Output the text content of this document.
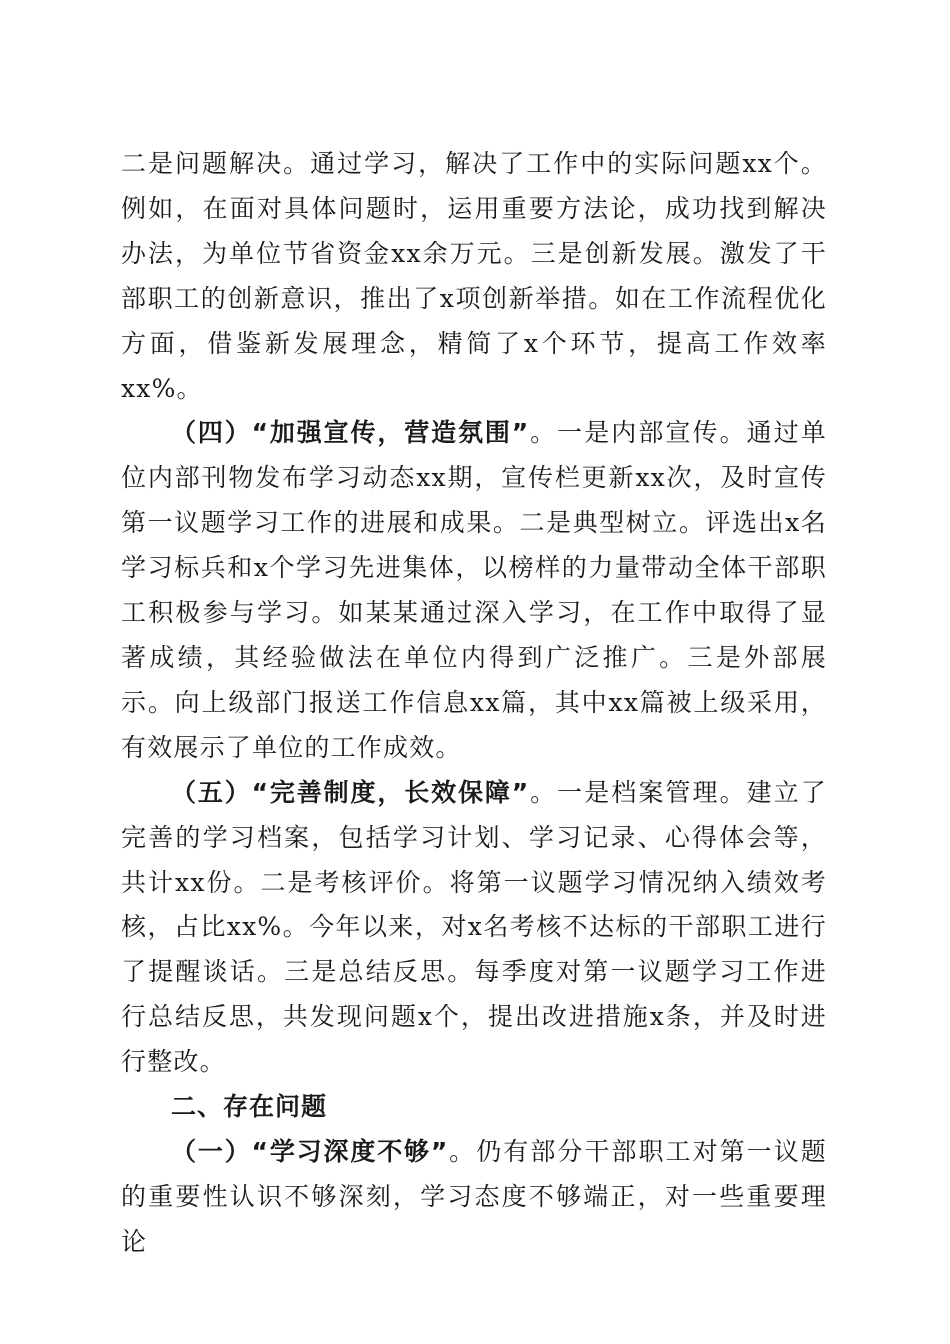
二是问题解决。通过学习，解决了工作中的实际问题xx个。例如，在面对具体问题时，运用重要方法论，成功找到解决办法，为单位节省资金xx余万元。三是创新发展。激发了干部职工的创新意识，推出了x项创新举措。如在工作流程优化方面，借鉴新发展理念，精简了x个环节，提高工作效率xx%。

（四）“加强宣传，营造氛围”。一是内部宣传。通过单位内部刊物发布学习动态xx期，宣传栏更新xx次，及时宣传第一议题学习工作的进展和成果。二是典型树立。评选出x名学习标兵和x个学习先进集体，以榜样的力量带动全体干部职工积极参与学习。如某某通过深入学习，在工作中取得了显著成绩，其经验做法在单位内得到广泛推广。三是外部展示。向上级部门报送工作信息xx篇，其中xx篇被上级采用，有效展示了单位的工作成效。

（五）“完善制度，长效保障”。一是档案管理。建立了完善的学习档案，包括学习计划、学习记录、心得体会等，共计xx份。二是考核评价。将第一议题学习情况纳入绩效考核，占比xx%。今年以来，对x名考核不达标的干部职工进行了提醒谈话。三是总结反思。每季度对第一议题学习工作进行总结反思，共发现问题x个，提出改进措施x条，并及时进行整改。

二、存在问题

（一）“学习深度不够”。仍有部分干部职工对第一议题的重要性认识不够深刻，学习态度不够端正，对一些重要理论
